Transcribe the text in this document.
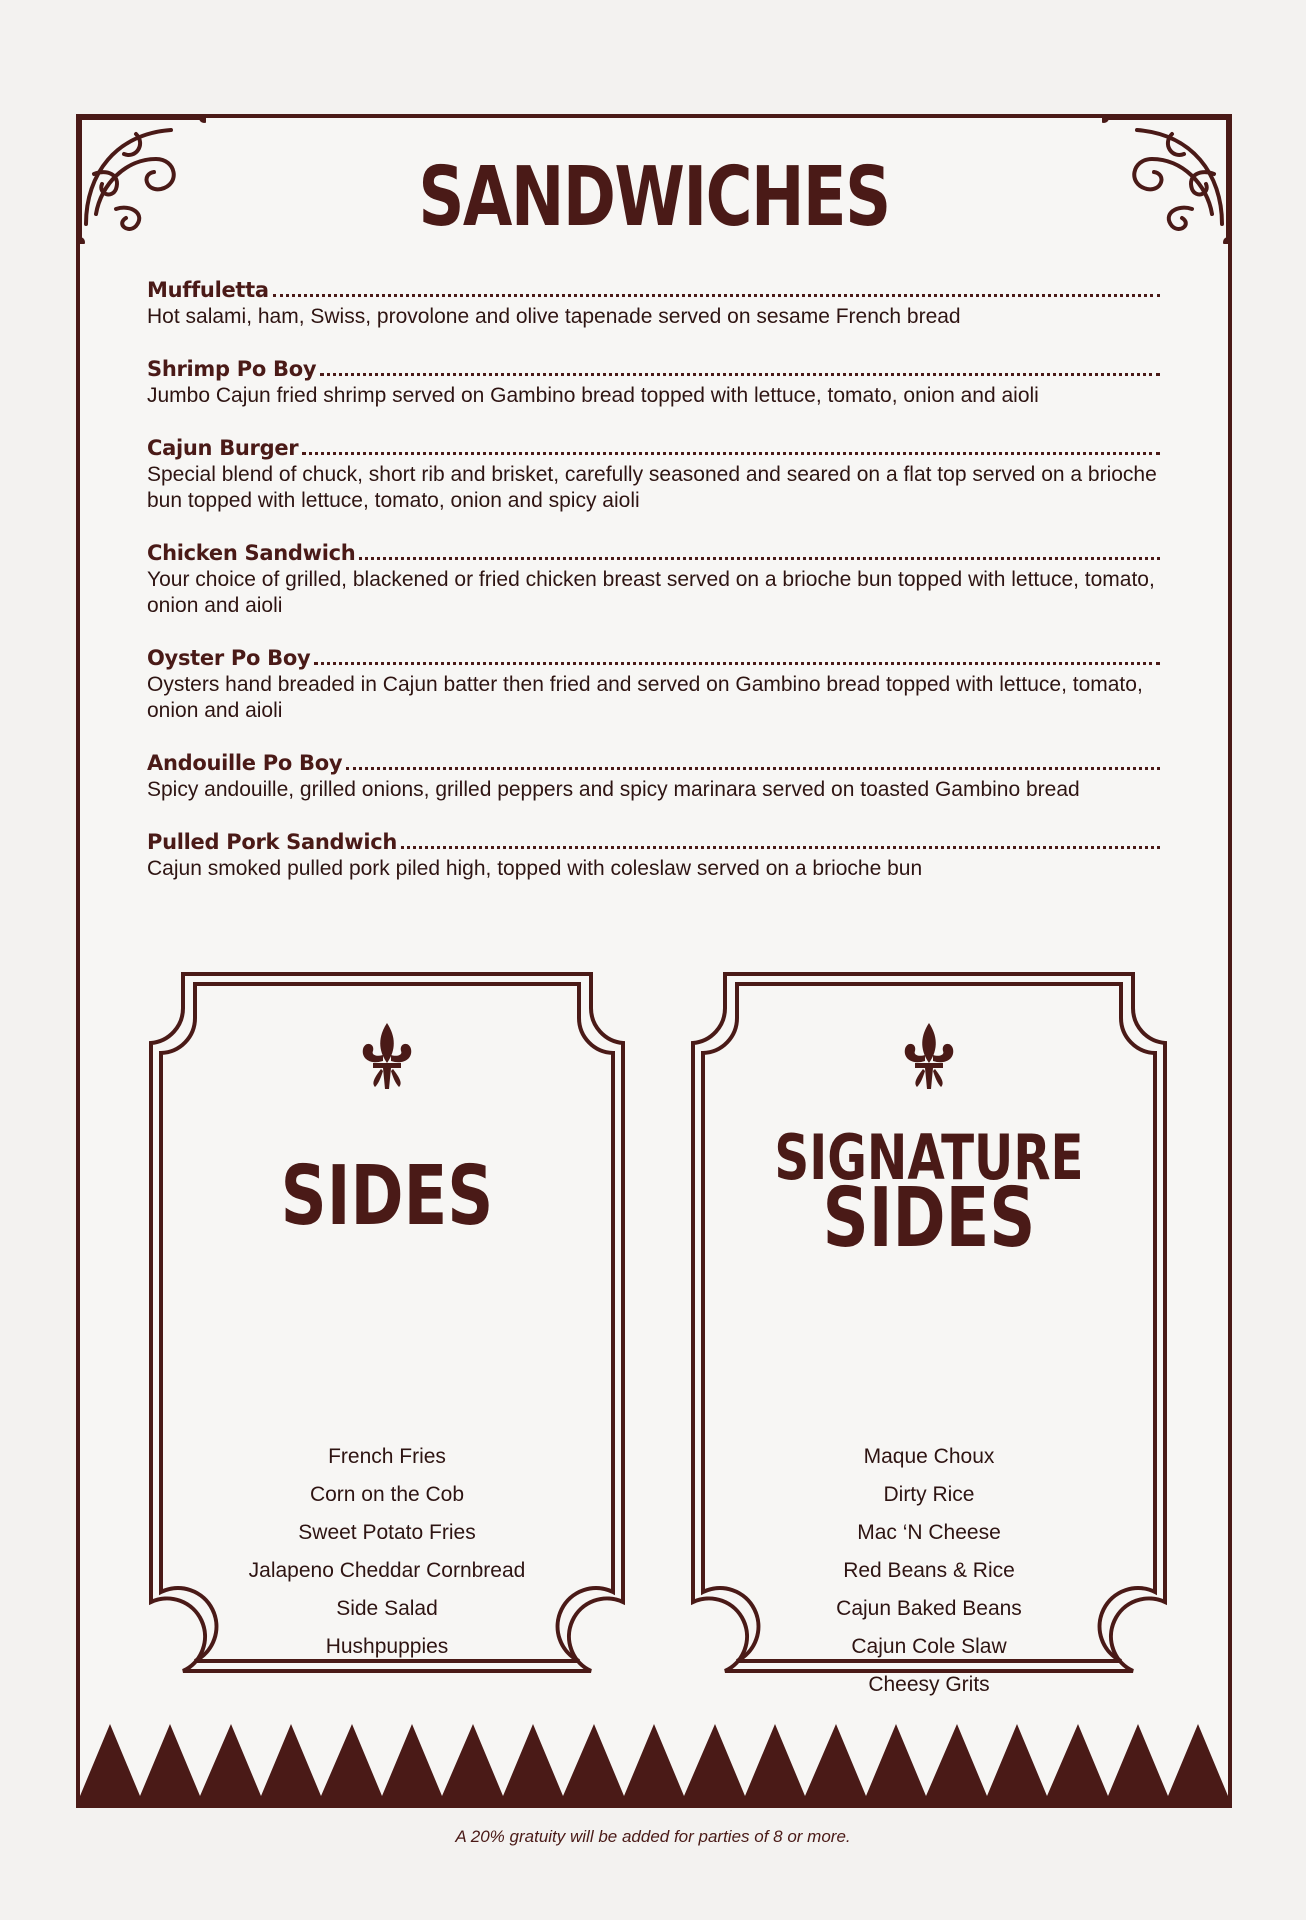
SANDWICHES
Muffuletta
Hot salami, ham, Swiss, provolone and olive tapenade served on sesame French bread
Shrimp Po Boy
Jumbo Cajun fried shrimp served on Gambino bread topped with lettuce, tomato, onion and aioli
Cajun Burger
Special blend of chuck, short rib and brisket, carefully seasoned and seared on a flat top served on a brioche bun topped with lettuce, tomato, onion and spicy aioli
Chicken Sandwich
Your choice of grilled, blackened or fried chicken breast served on a brioche bun topped with lettuce, tomato, onion and aioli
Oyster Po Boy
Oysters hand breaded in Cajun batter then fried and served on Gambino bread topped with lettuce, tomato, onion and aioli
Andouille Po Boy
Spicy andouille, grilled onions, grilled peppers and spicy marinara served on toasted Gambino bread
Pulled Pork Sandwich
Cajun smoked pulled pork piled high, topped with coleslaw served on a brioche bun
SIDES
French Fries
Corn on the Cob
Sweet Potato Fries
Jalapeno Cheddar Cornbread
Side Salad
Hushpuppies
SIGNATURE
SIDES
Maque Choux
Dirty Rice
Mac ‘N Cheese
Red Beans & Rice
Cajun Baked Beans
Cajun Cole Slaw
Cheesy Grits
A 20% gratuity will be added for parties of 8 or more.
